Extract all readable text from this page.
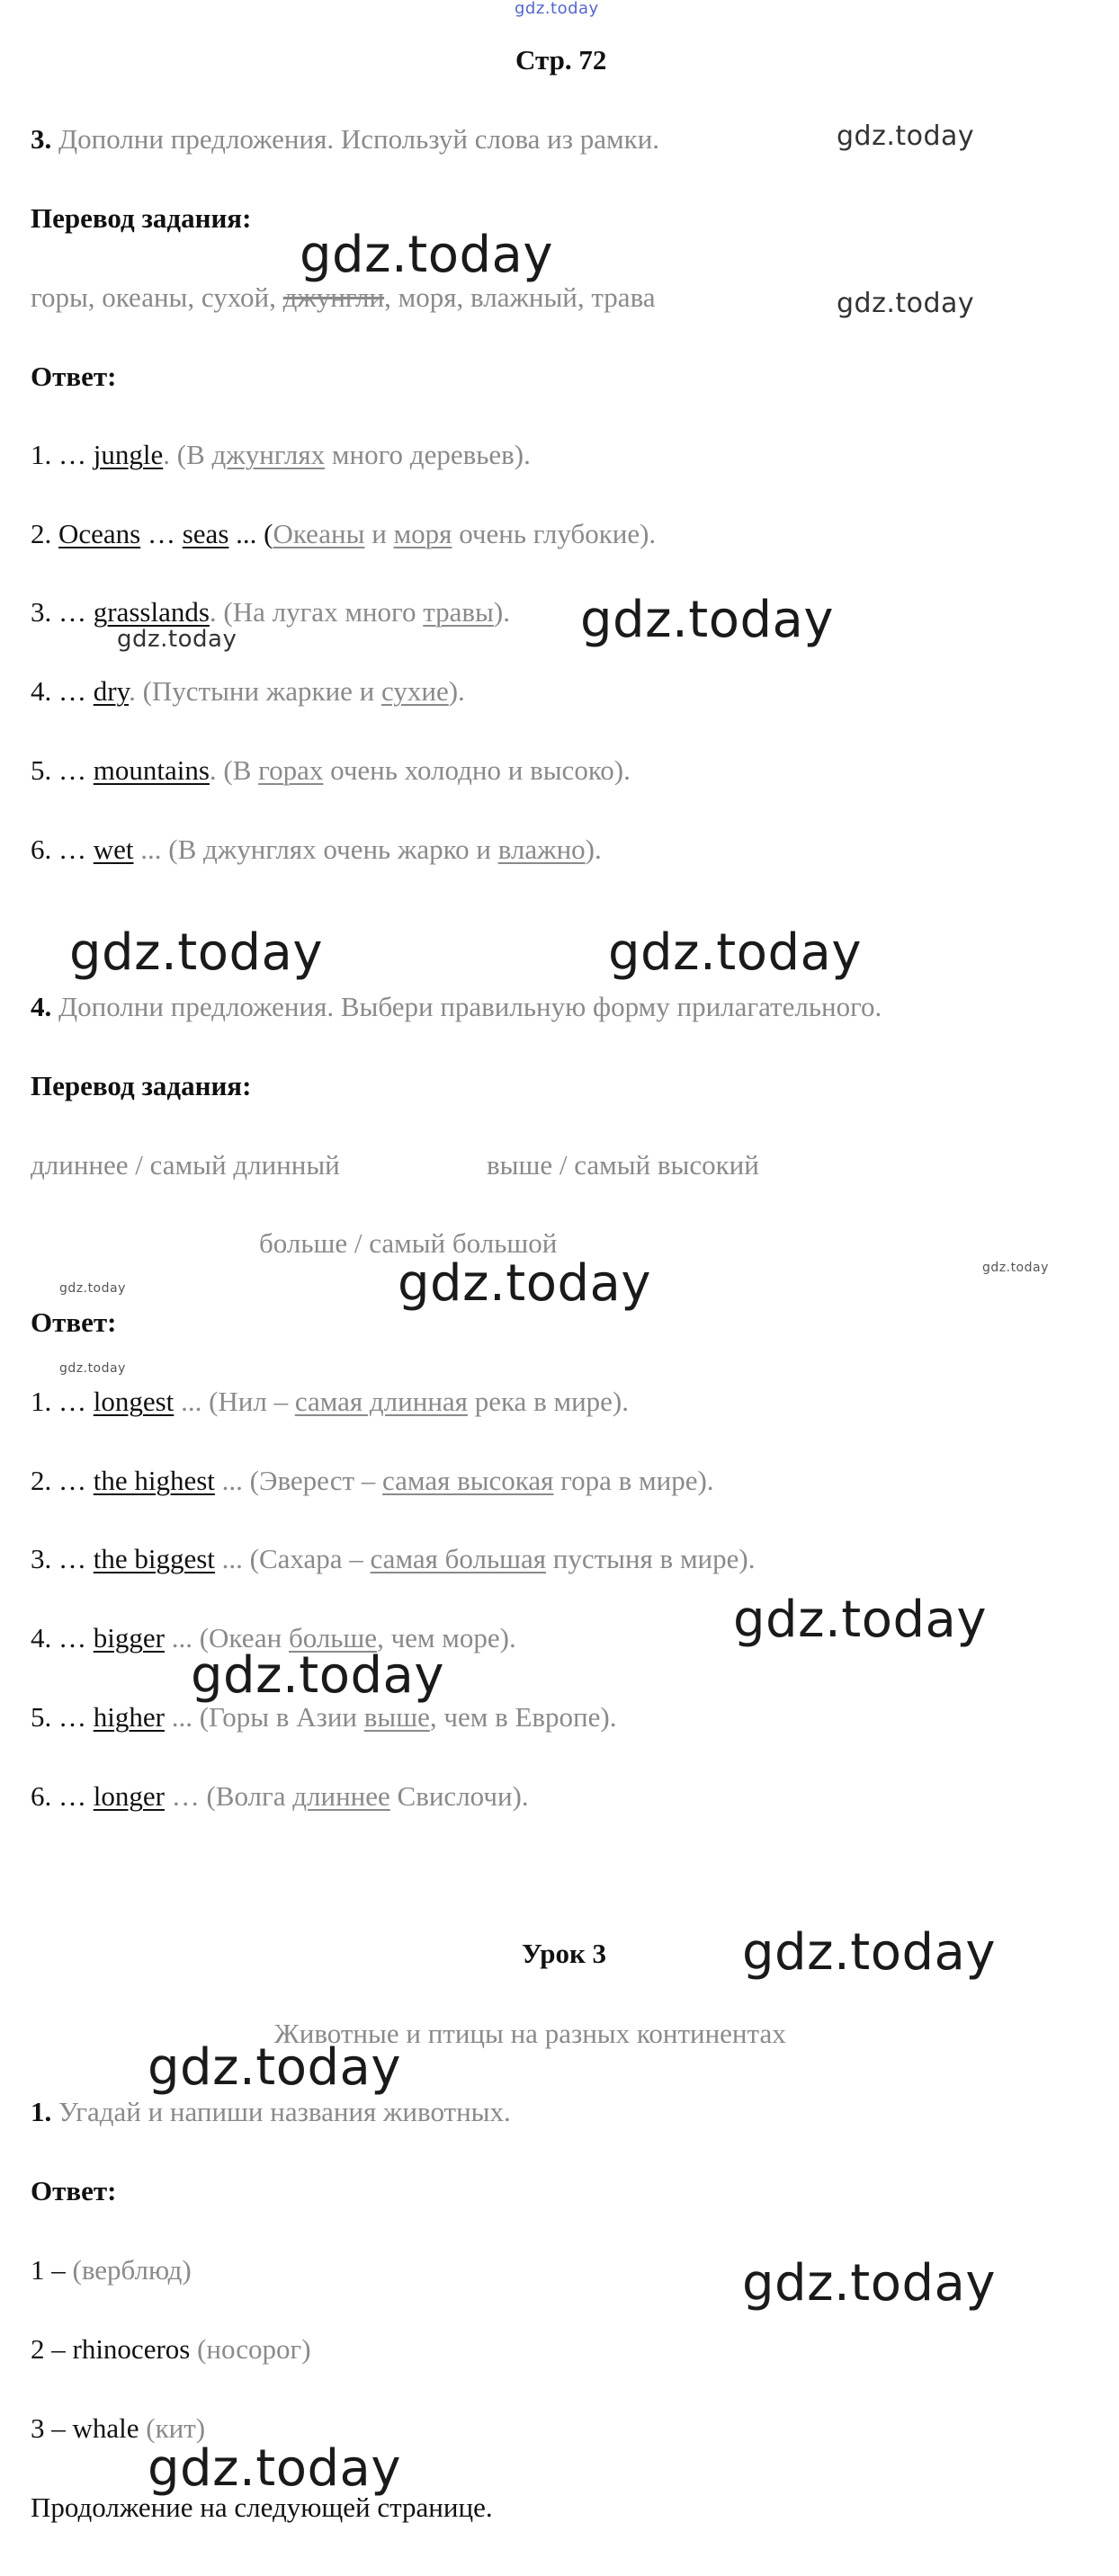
gdz.today
Стр. 72
3. Дополни предложения. Используй слова из рамки.	gdz.today
Перевод задания:
gdz.today
горы, океаны, сухой, джунгли, моря, влажный, трава	gdz.today
Ответ:
1. … jungle. (В джунглях много деревьев).
2. Oceans … seas ... (Океаны и моря очень глубокие).
3. … grasslands. (На лугах много травы).
gdz.today	gdz.today
4. … dry. (Пустыни жаркие и сухие).
5. … mountains. (В горах очень холодно и высоко).
6. … wet ... (В джунглях очень жарко и влажно).
gdz.today	gdz.today
4. Дополни предложения. Выбери правильную форму прилагательного.
Перевод задания:
длиннее / самый длинный	выше / самый высокий
больше / самый большой
gdz.today
gdz.today
gdz.today
Ответ:
gdz.today
1. … longest ... (Нил – самая длинная река в мире).
2. … the highest ... (Эверест – самая высокая гора в мире).
3. … the biggest ... (Сахара – самая большая пустыня в мире).
gdz.today
4. … bigger ... (Океан больше, чем море).
gdz.today
5. … higher ... (Горы в Азии выше, чем в Европе).
6. … longer … (Волга длиннее Свислочи).
Урок 3	gdz.today
Животные и птицы на разных континентах
gdz.today
1. Угадай и напиши названия животных.
Ответ:
1 – (верблюд)	gdz.today
2 – rhinoceros (носорог)
3 – whale (кит)
gdz.today
Продолжение на следующей странице.
